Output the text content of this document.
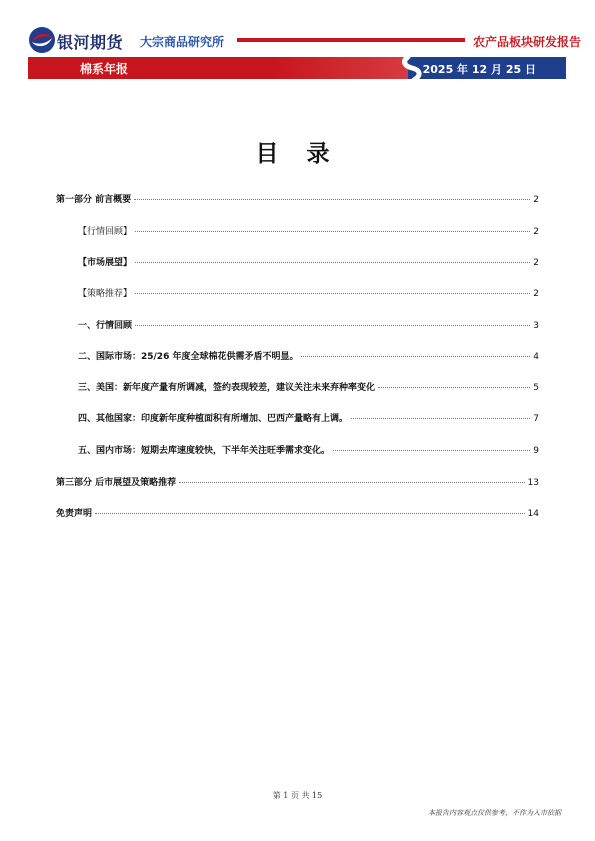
银河期货 大宗商品研究所	农产品板块研发报告
棉系年报	2025 年 12 月 25 日
目 录
第一部分 前言概要	2
【行情回顾】	2
【市场展望】	2
【策略推荐】	2
一、行情回顾	3
二、国际市场：25/26 年度全球棉花供需矛盾不明显。	4
三、美国：新年度产量有所调减，签约表现较差，建议关注未来弃种率变化	5
四、其他国家：印度新年度种植面积有所增加、巴西产量略有上调。	7
五、国内市场：短期去库速度较快，下半年关注旺季需求变化。	9
第三部分 后市展望及策略推荐	13
免责声明	14
第 1 页 共 15
本报告内容观点仅供参考，不作为入市依据
